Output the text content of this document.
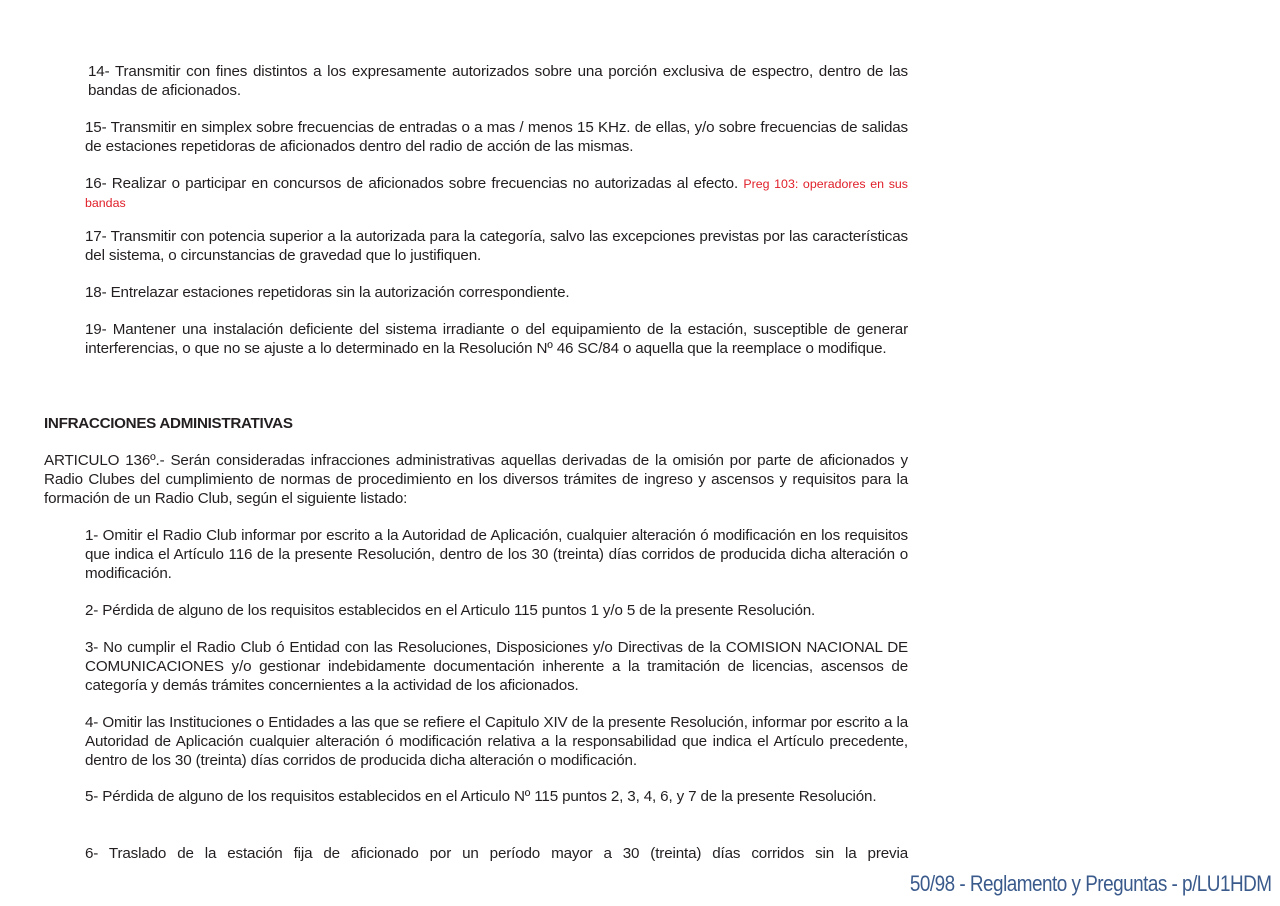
14- Transmitir con fines distintos a los expresamente autorizados sobre una porción exclusiva de espectro, dentro de las bandas de aficionados.

15- Transmitir en simplex sobre frecuencias de entradas o a mas / menos 15 KHz. de ellas, y/o sobre frecuencias de salidas de estaciones repetidoras de aficionados dentro del radio de acción de las mismas.

16- Realizar o participar en concursos de aficionados sobre frecuencias no autorizadas al efecto. Preg 103: operadores en sus bandas

17- Transmitir con potencia superior a la autorizada para la categoría, salvo las excepciones previstas por las características del sistema, o circunstancias de gravedad que lo justifiquen.

18- Entrelazar estaciones repetidoras sin la autorización correspondiente.

19- Mantener una instalación deficiente del sistema irradiante o del equipamiento de la estación, susceptible de generar interferencias, o que no se ajuste a lo determinado en la Resolución Nº 46 SC/84 o aquella que la reemplace o modifique.

INFRACCIONES ADMINISTRATIVAS

ARTICULO 136º.- Serán consideradas infracciones administrativas aquellas derivadas de la omisión por parte de aficionados y Radio Clubes del cumplimiento de normas de procedimiento en los diversos trámites de ingreso y ascensos y requisitos para la formación de un Radio Club, según el siguiente listado:

1- Omitir el Radio Club informar por escrito a la Autoridad de Aplicación, cualquier alteración ó modificación en los requisitos que indica el Artículo 116 de la presente Resolución, dentro de los 30 (treinta) días corridos de producida dicha alteración o modificación.

2- Pérdida de alguno de los requisitos establecidos en el Articulo 115 puntos 1 y/o 5 de la presente Resolución.

3- No cumplir el Radio Club ó Entidad con las Resoluciones, Disposiciones y/o Directivas de la COMISION NACIONAL DE COMUNICACIONES y/o gestionar indebidamente documentación inherente a la tramitación de licencias, ascensos de categoría y demás trámites concernientes a la actividad de los aficionados.

4- Omitir las Instituciones o Entidades a las que se refiere el Capitulo XIV de la presente Resolución, informar por escrito a la Autoridad de Aplicación cualquier alteración ó modificación relativa a la responsabilidad que indica el Artículo precedente, dentro de los 30 (treinta) días corridos de producida dicha alteración o modificación.

5- Pérdida de alguno de los requisitos establecidos en el Articulo Nº 115 puntos 2, 3, 4, 6, y 7 de la presente Resolución.

6- Traslado de la estación fija de aficionado por un período mayor a 30 (treinta) días corridos sin la previa

50/98 - Reglamento y Preguntas - p/LU1HDM
